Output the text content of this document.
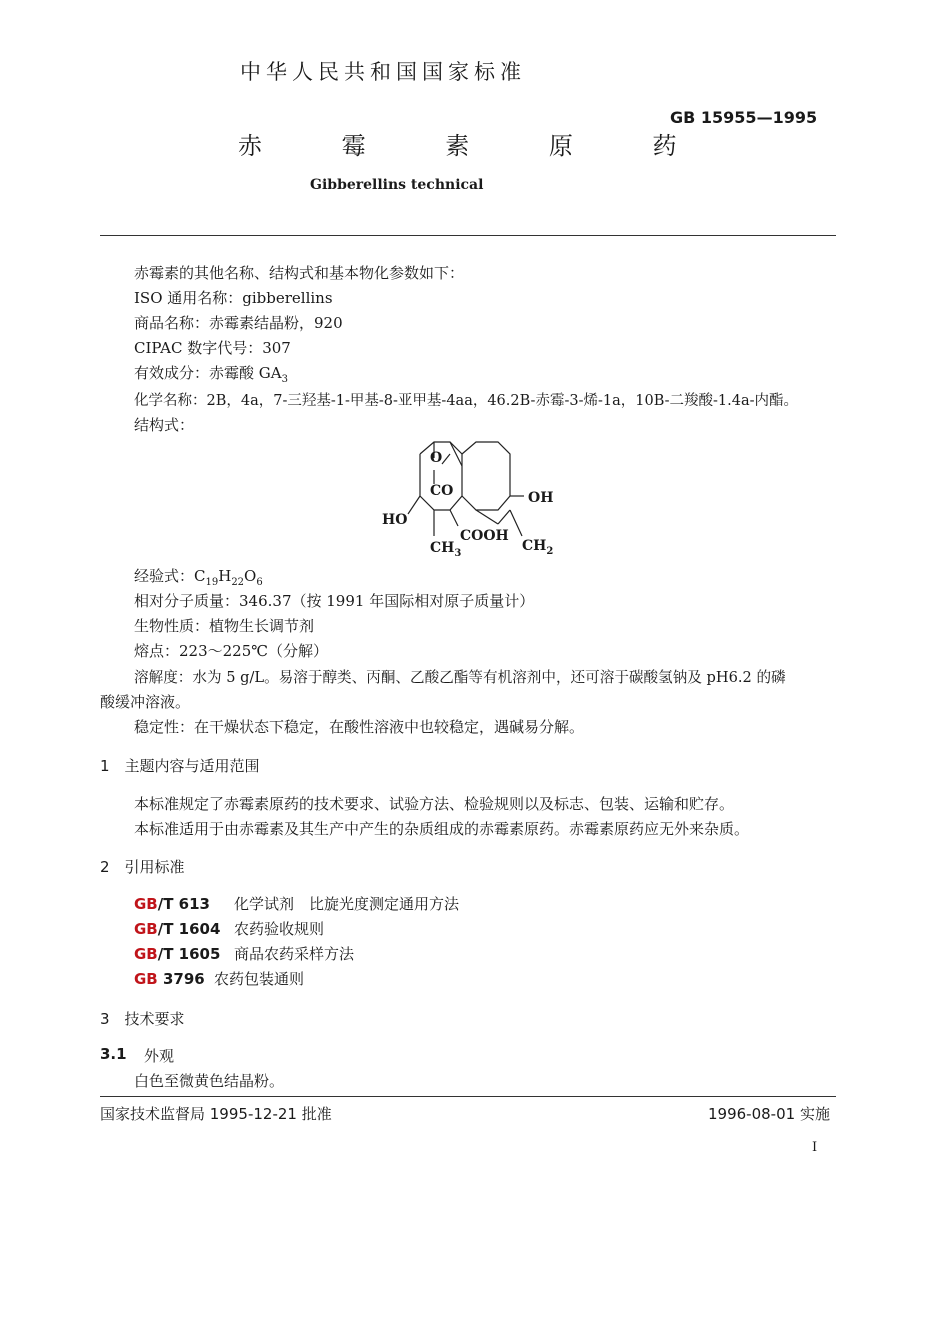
中华人民共和国国家标准
GB 15955—1995
赤 霉 素 原 药
Gibberellins technical
赤霉素的其他名称、结构式和基本物化参数如下：
ISO 通用名称：gibberellins
商品名称：赤霉素结晶粉，920
CIPAC 数字代号：307
有效成分：赤霉酸 $GA_3$
化学名称：2B，4a，7-三羟基-1-甲基-8-亚甲基-4aa，46.2B-赤霉-3-烯-1a，10B-二羧酸-1.4a-内酯。
结构式：
O
CO	OH
HO
$CH_3$
COOH
$CH_2$
经验式：$C_{19}H_{22}O_6$
相对分子质量：346.37（按 1991 年国际相对原子质量计）
生物性质：植物生长调节剂
熔点：223～225℃（分解）
溶解度：水为 5 g/L。易溶于醇类、丙酮、乙酸乙酯等有机溶剂中，还可溶于碳酸氢钠及 pH6.2 的磷
酸缓冲溶液。
稳定性：在干燥状态下稳定，在酸性溶液中也较稳定，遇碱易分解。
1　主题内容与适用范围
本标准规定了赤霉素原药的技术要求、试验方法、检验规则以及标志、包装、运输和贮存。
本标准适用于由赤霉素及其生产中产生的杂质组成的赤霉素原药。赤霉素原药应无外来杂质。
2　引用标准
GB/T 613 化学试剂　比旋光度测定通用方法
GB/T 1604 农药验收规则
GB/T 1605 商品农药采样方法
GB 3796 农药包装通则
3　技术要求
3.1 外观
白色至微黄色结晶粉。
国家技术监督局 1995-12-21 批准	1996-08-01 实施
I
